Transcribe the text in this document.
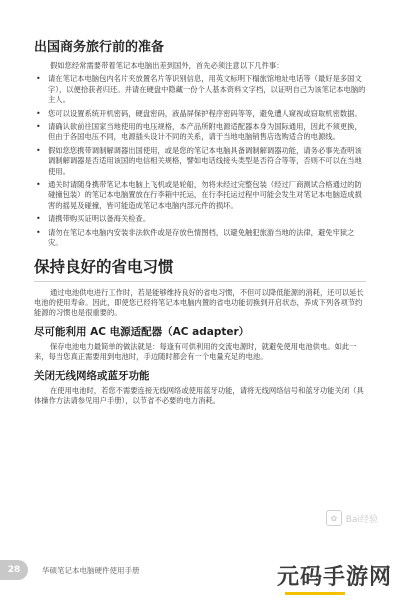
出国商务旅行前的准备
假如您经常需要带着笔记本电脑出差到国外，首先必须注意以下几件事：
• 请在笔记本电脑包内名片夹放置名片等识别信息，用英文标明下榻旅馆地址电话等（最好是多国文字），以便拾获者归还。并请在硬盘中隐藏一份个人基本资料文字档，以证明自己为该笔记本电脑的主人。
• 您可以设置系统开机密码，硬盘密码，液晶屏保护程序密码等等，避免遭人窥视或窃取机密数据。
• 请确认欲前往国家当地使用的电压规格，本产品所附电源适配器本身为国际通用，因此不须更换，但由于各国电压不同，电源插头设计不同的关系，请于当地电脑销售店选购适合的电源线。
• 假如您您携带调制解调器出国使用，或是您的笔记本电脑具备调制解调器功能，请务必事先查明该调制解调器是否适用该国的电信相关规格，譬如电话线接头类型是否符合等等，否则不可以在当地使用。
• 通关时请随身携带笔记本电脑上飞机或是轮船，勿将未经过完整包装（经过厂商测试合格通过的防碰撞包装）的笔记本电脑置放在行李箱中托运，在行李托运过程中可能会发生对笔记本电脑造成损害的摇晃及碰撞，皆可能造成笔记本电脑内部元件的损坏。
• 请携带购买证明以备海关检查。
• 请勿在笔记本电脑内安装非法软件或是存放色情图档，以避免触犯旅游当地的法律，避免牢狱之灾。
保持良好的省电习惯
通过电池供电进行工作时，若是能够维持良好的省电习惯，不但可以降低能源的消耗，还可以延长电池的使用寿命。因此，即使您已经将笔记本电脑内置的省电功能切换到开启状态，养成下列各项节约能源的习惯也是很重要的。
尽可能利用 AC 电源适配器（AC adapter）
保存电池电力最简单的做法就是：每逢有可供利用的交流电源时，就避免使用电池供电。如此一来，每当您真正需要用到电池时，手边随时都会有一个电量充足的电池。
关闭无线网络或蓝牙功能
在使用电池时，若您不需要连接无线网络或使用蓝牙功能，请将无线网络信号和蓝牙功能关闭（具体操作方法请参见用户手册），以节省不必要的电力消耗。
✿ Bai经验
28	华硕笔记本电脑硬件使用手册	元码手游网
